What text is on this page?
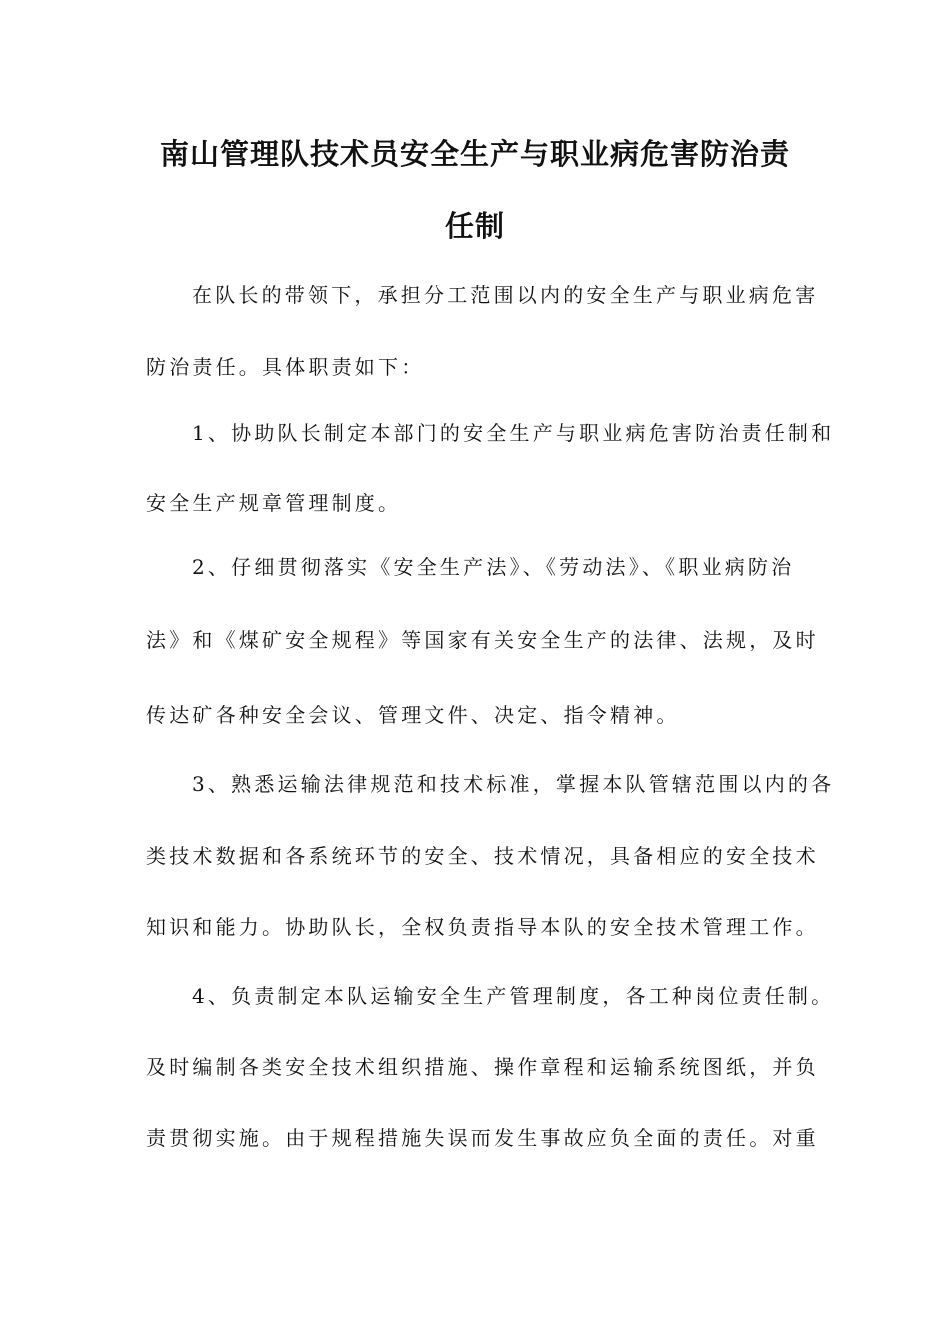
南山管理队技术员安全生产与职业病危害防治责
任制
在队长的带领下，承担分工范围以内的安全生产与职业病危害
防治责任。具体职责如下：
1、协助队长制定本部门的安全生产与职业病危害防治责任制和
安全生产规章管理制度。
2、仔细贯彻落实《安全生产法》、《劳动法》、《职业病防治
法》和《煤矿安全规程》等国家有关安全生产的法律、法规，及时
传达矿各种安全会议、管理文件、决定、指令精神。
3、熟悉运输法律规范和技术标准，掌握本队管辖范围以内的各
类技术数据和各系统环节的安全、技术情况，具备相应的安全技术
知识和能力。协助队长，全权负责指导本队的安全技术管理工作。
4、负责制定本队运输安全生产管理制度，各工种岗位责任制。
及时编制各类安全技术组织措施、操作章程和运输系统图纸，并负
责贯彻实施。由于规程措施失误而发生事故应负全面的责任。对重
